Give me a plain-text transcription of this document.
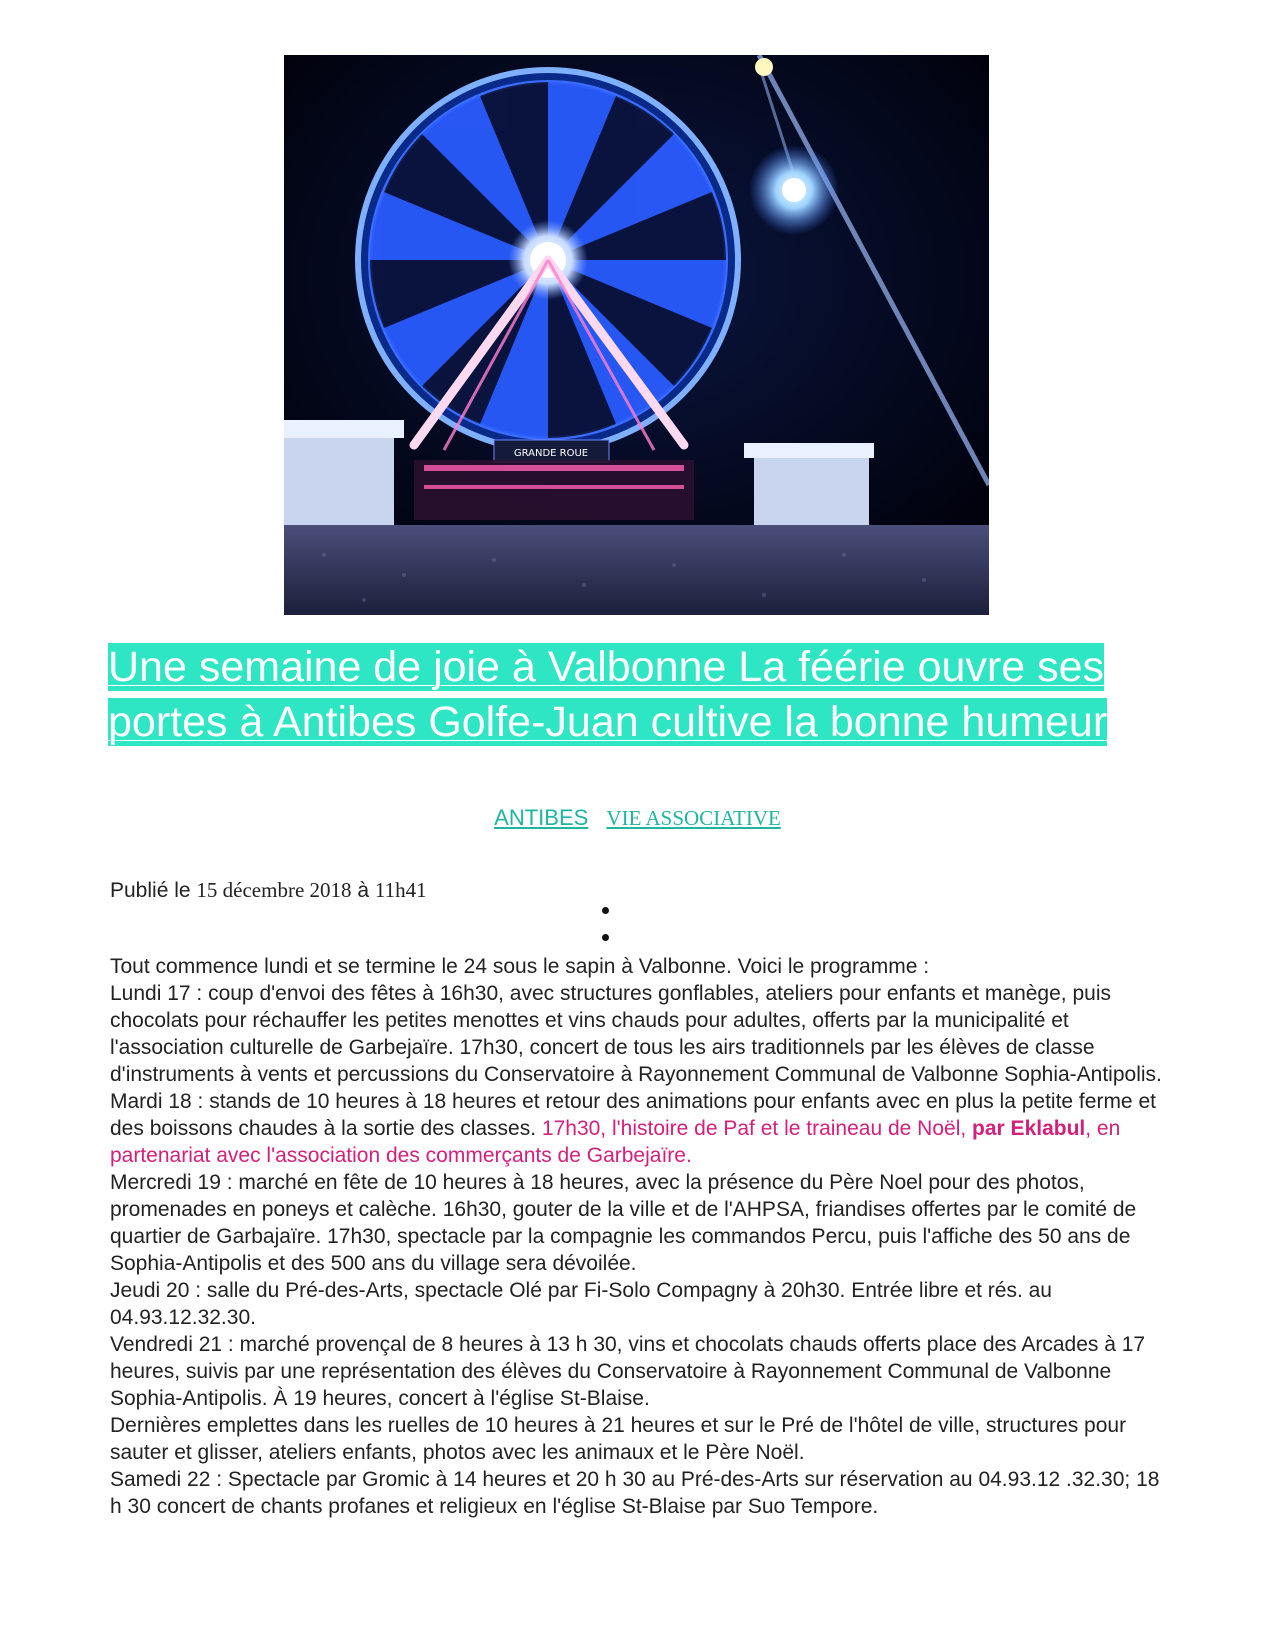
GRANDE ROUE
Une semaine de joie à Valbonne La féérie ouvre ses portes à Antibes Golfe-Juan cultive la bonne humeur
ANTIBES VIE ASSOCIATIVE
Publié le 15 décembre 2018 à 11h41

Tout commence lundi et se termine le 24 sous le sapin à Valbonne. Voici le programme :

Lundi 17 : coup d'envoi des fêtes à 16h30, avec structures gonflables, ateliers pour enfants et manège, puis chocolats pour réchauffer les petites menottes et vins chauds pour adultes, offerts par la municipalité et l'association culturelle de Garbejaïre. 17h30, concert de tous les airs traditionnels par les élèves de classe d'instruments à vents et percussions du Conservatoire à Rayonnement Communal de Valbonne Sophia-Antipolis.

Mardi 18 : stands de 10 heures à 18 heures et retour des animations pour enfants avec en plus la petite ferme et des boissons chaudes à la sortie des classes. 17h30, l'histoire de Paf et le traineau de Noël, par Eklabul, en partenariat avec l'association des commerçants de Garbejaïre.

Mercredi 19 : marché en fête de 10 heures à 18 heures, avec la présence du Père Noel pour des photos, promenades en poneys et calèche. 16h30, gouter de la ville et de l'AHPSA, friandises offertes par le comité de quartier de Garbajaïre. 17h30, spectacle par la compagnie les commandos Percu, puis l'affiche des 50 ans de Sophia-Antipolis et des 500 ans du village sera dévoilée.

Jeudi 20 : salle du Pré-des-Arts, spectacle Olé par Fi-Solo Compagny à 20h30. Entrée libre et rés. au 04.93.12.32.30.

Vendredi 21 : marché provençal de 8 heures à 13 h 30, vins et chocolats chauds offerts place des Arcades à 17 heures, suivis par une représentation des élèves du Conservatoire à Rayonnement Communal de Valbonne Sophia-Antipolis. À 19 heures, concert à l'église St-Blaise.

Dernières emplettes dans les ruelles de 10 heures à 21 heures et sur le Pré de l'hôtel de ville, structures pour sauter et glisser, ateliers enfants, photos avec les animaux et le Père Noël.

Samedi 22 : Spectacle par Gromic à 14 heures et 20 h 30 au Pré-des-Arts sur réservation au 04.93.12 .32.30; 18 h 30 concert de chants profanes et religieux en l'église St-Blaise par Suo Tempore.
